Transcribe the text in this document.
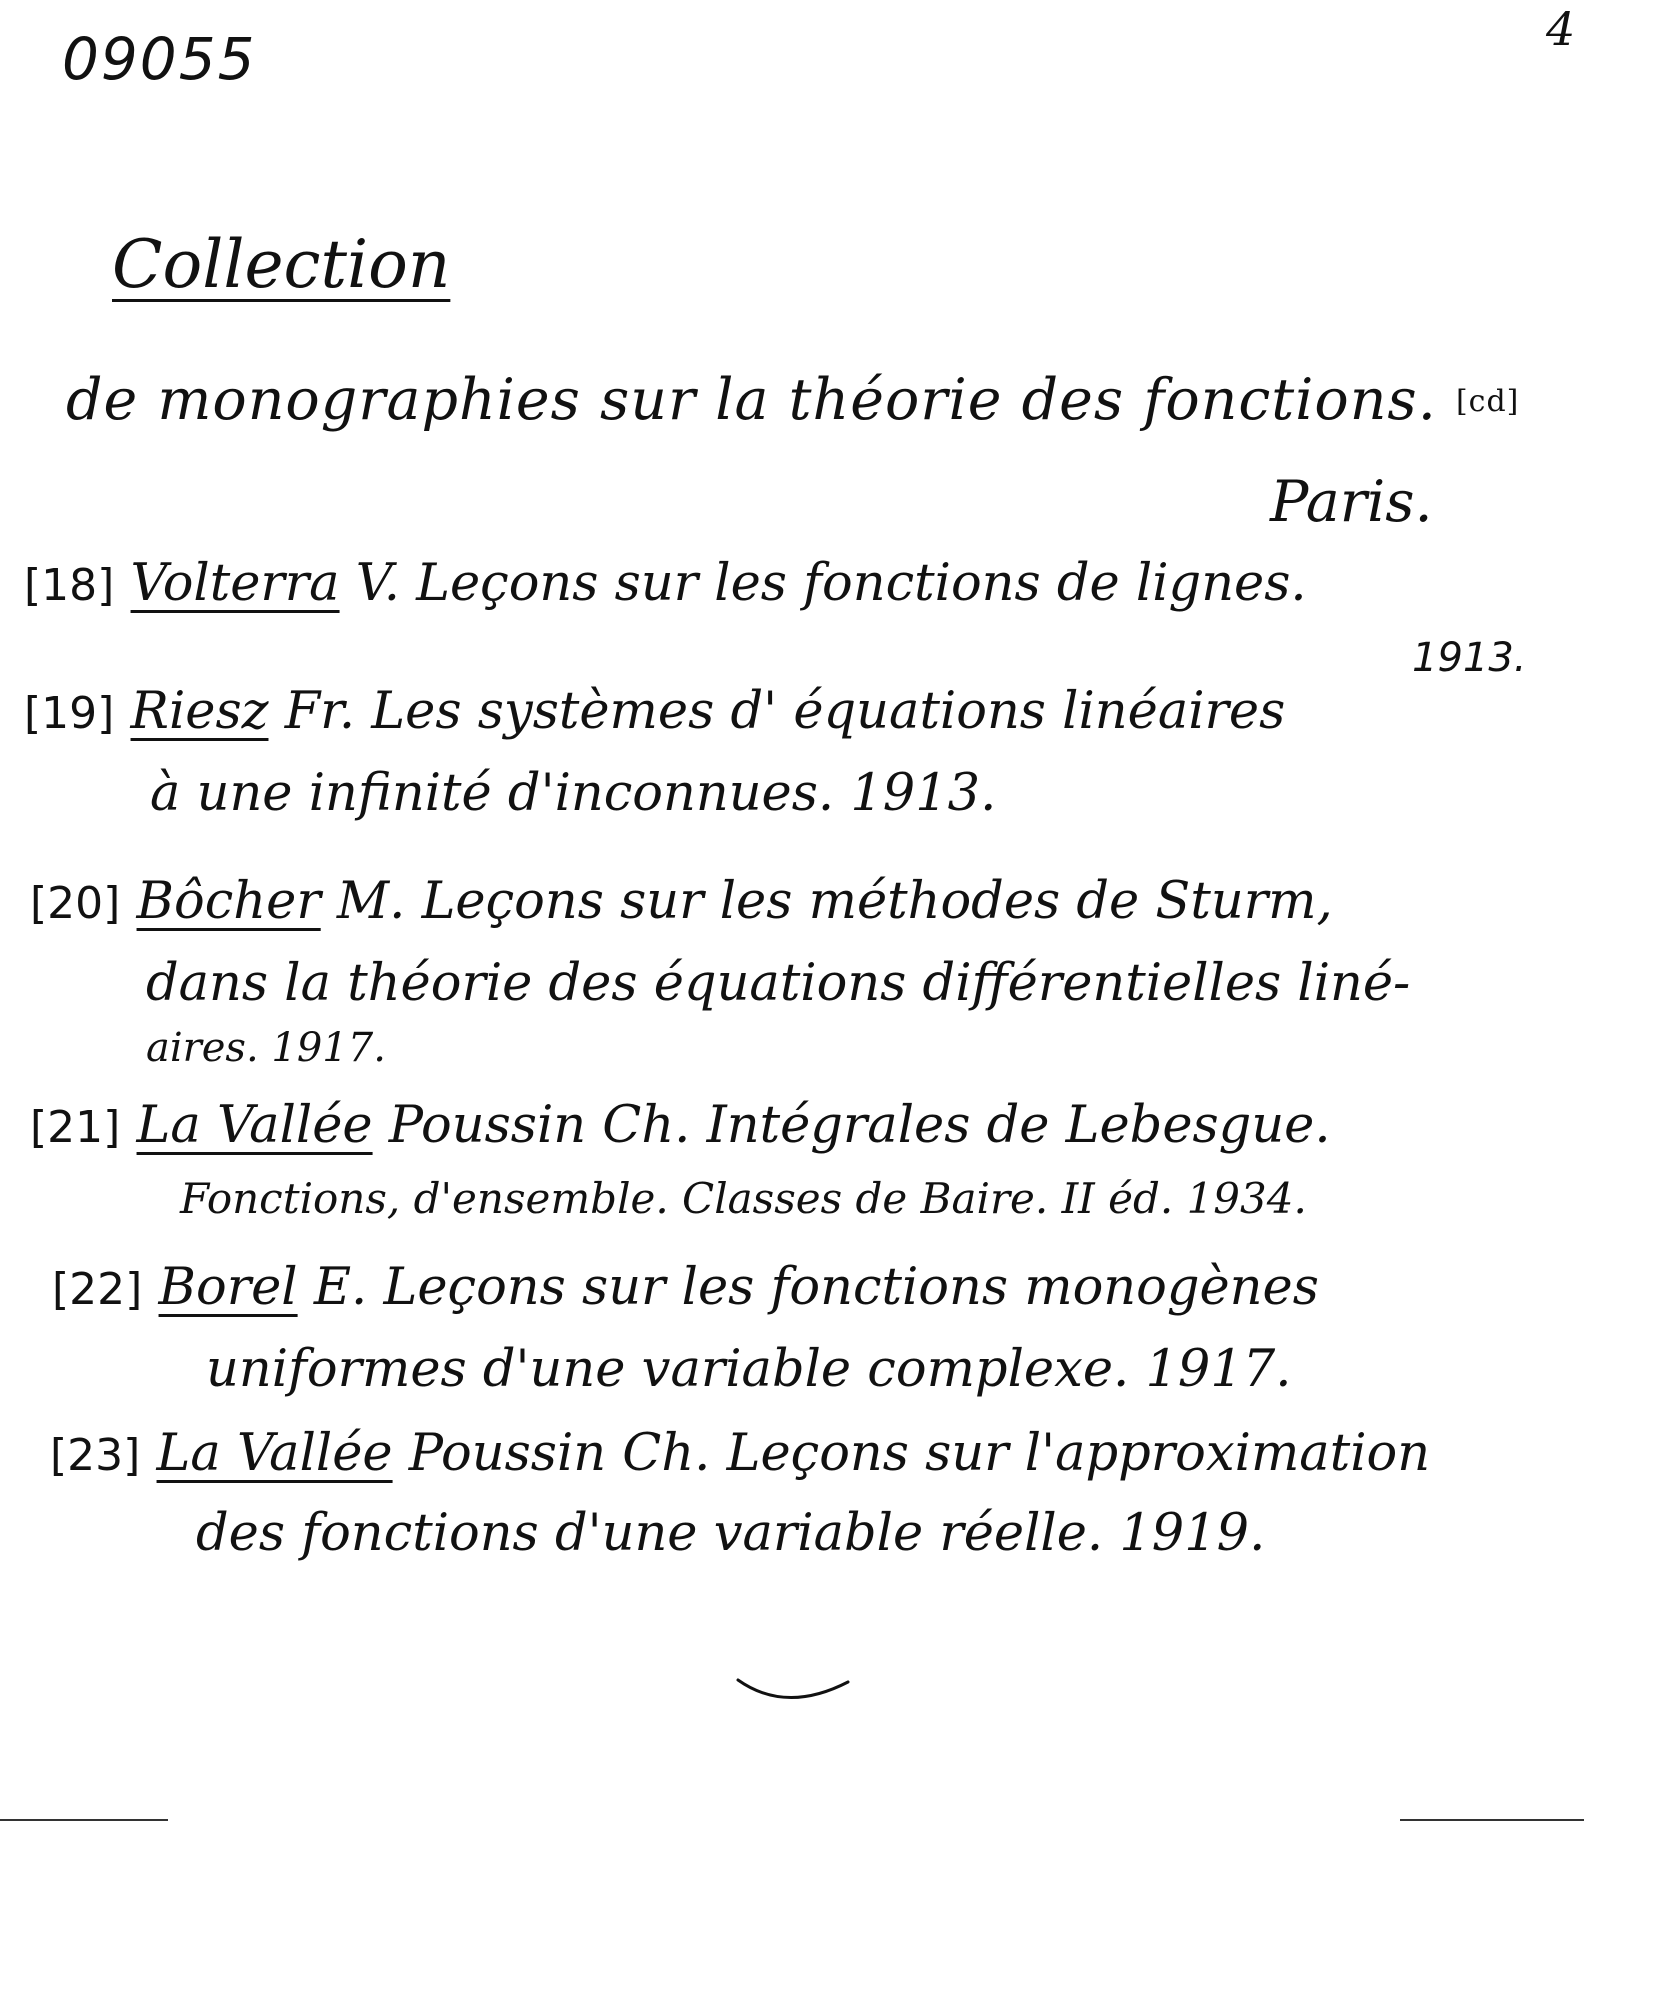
09055	4
Collection
de monographies sur la théorie des fonctions. [cd]
Paris.
[18] Volterra V. Leçons sur les fonctions de lignes.
1913.
[19] Riesz Fr. Les systèmes d' équations linéaires
à une infinité d'inconnues. 1913.
[20] Bôcher M. Leçons sur les méthodes de Sturm,
dans la théorie des équations différentielles liné-
aires. 1917.
[21] La Vallée Poussin Ch. Intégrales de Lebesgue.
Fonctions, d'ensemble. Classes de Baire. II éd. 1934.
[22] Borel E. Leçons sur les fonctions monogènes
uniformes d'une variable complexe. 1917.
[23] La Vallée Poussin Ch. Leçons sur l'approximation
des fonctions d'une variable réelle. 1919.
